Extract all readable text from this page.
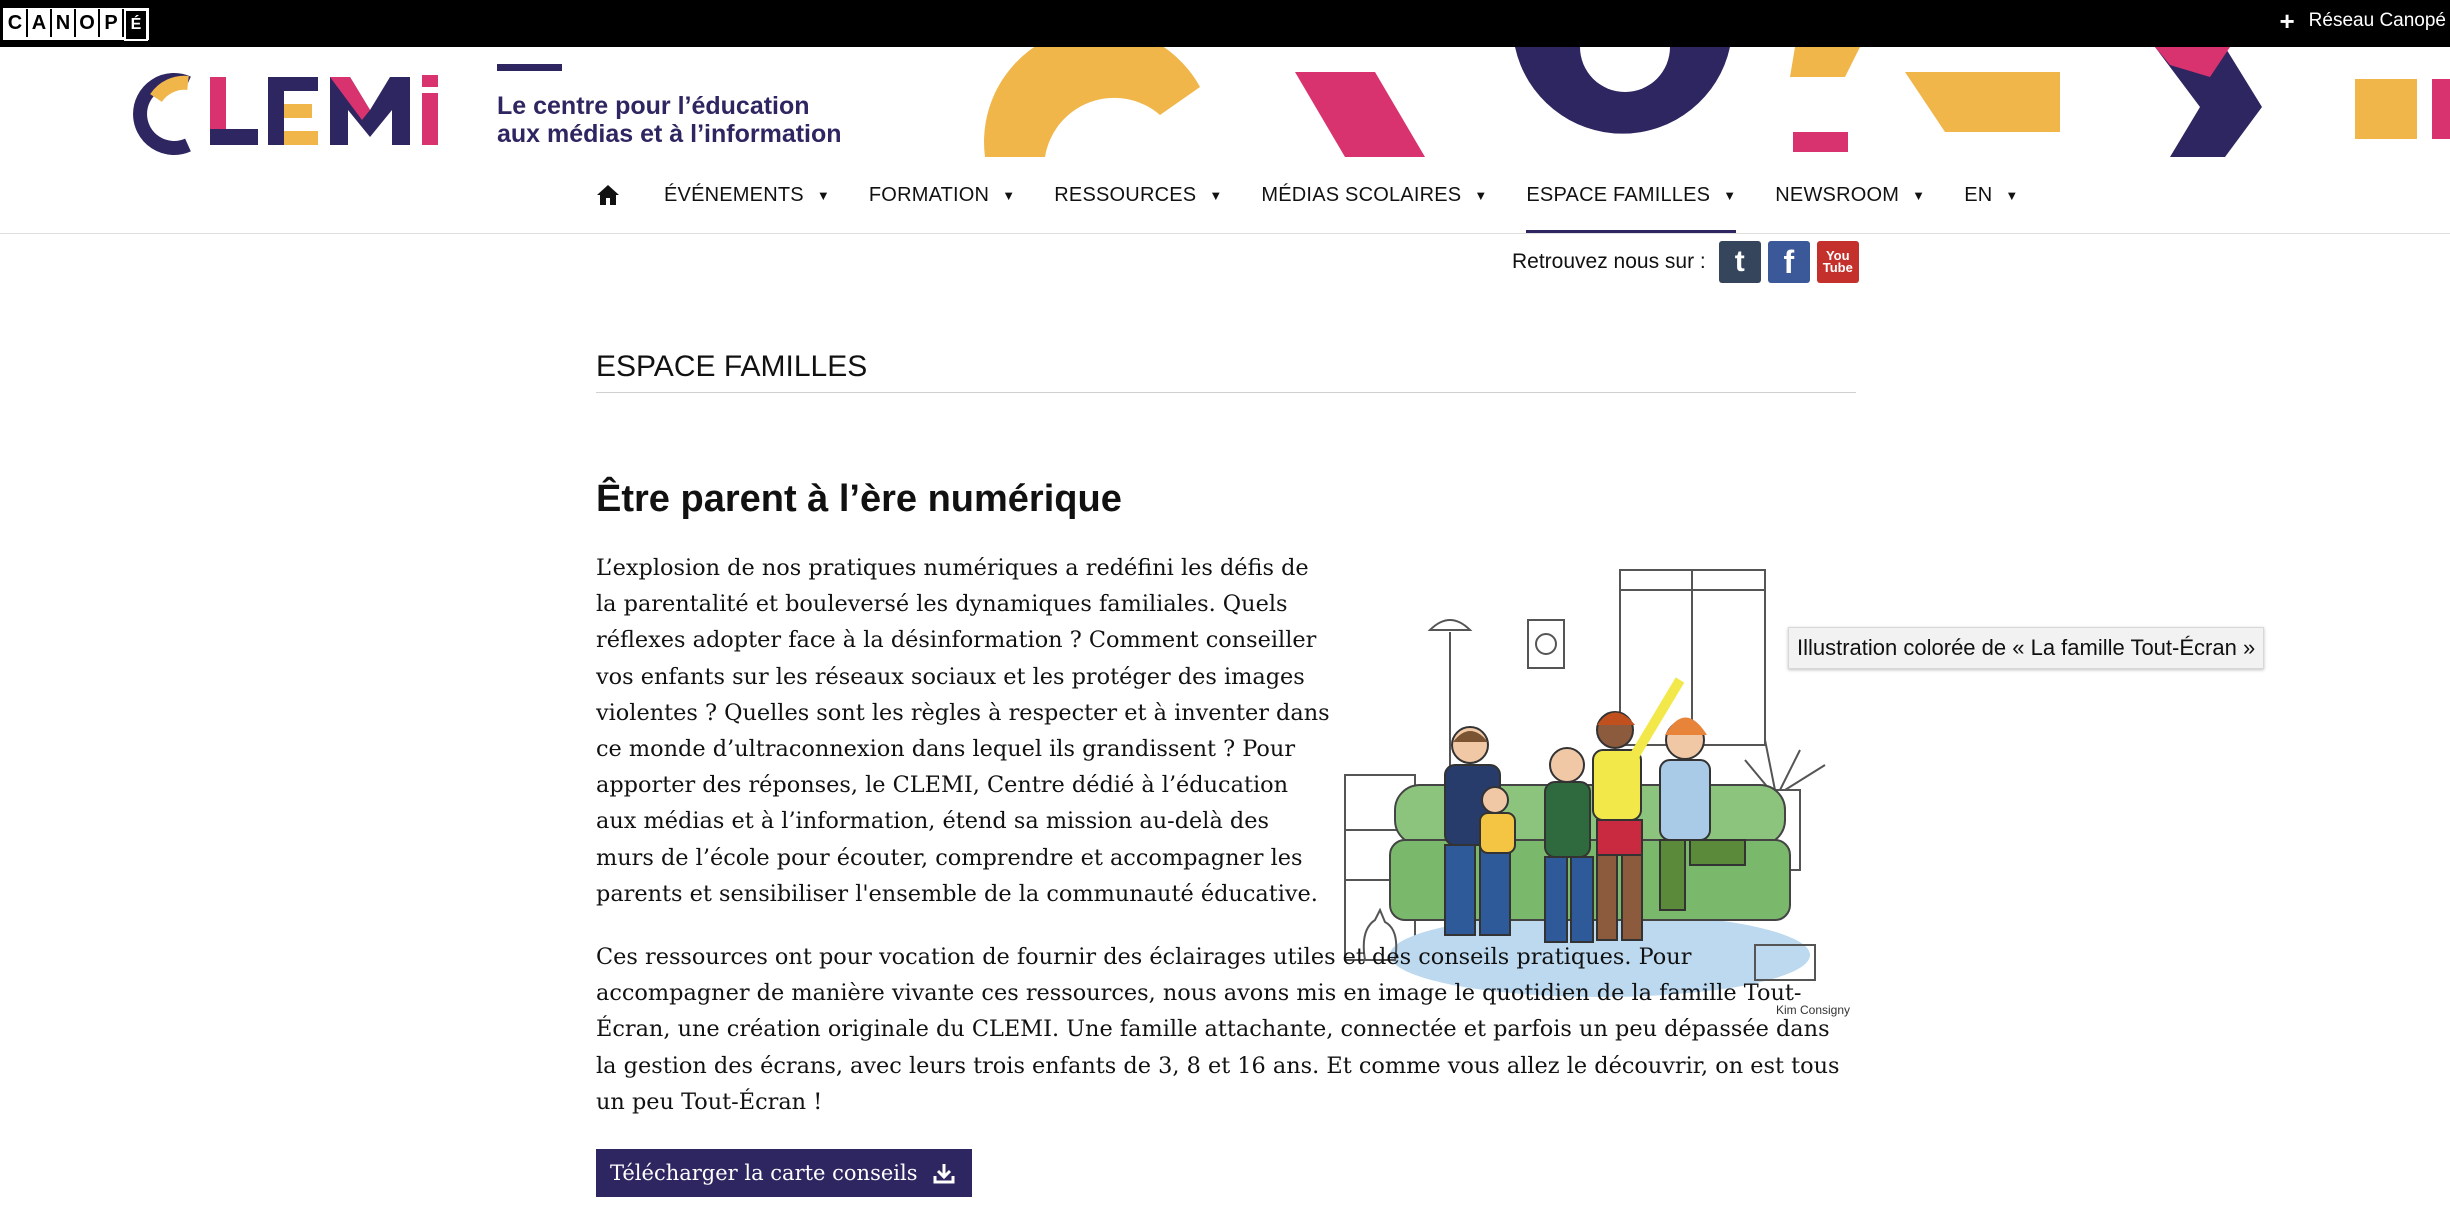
C A N O P É	+ Réseau Canopé
Le centre pour l’éducation
aux médias et à l’information
ÉVÉNEMENTS ▼ FORMATION ▼ RESSOURCES ▼ MÉDIAS SCOLAIRES ▼ ESPACE FAMILLES ▼ NEWSROOM ▼ EN ▼
Retrouvez nous sur : t f You
Tube
ESPACE FAMILLES
Être parent à l’ère numérique
L’explosion de nos pratiques numériques a redéfini les défis de la parentalité et bouleversé les dynamiques familiales. Quels réflexes adopter face à la désinformation ? Comment conseiller vos enfants sur les réseaux sociaux et les protéger des images violentes ? Quelles sont les règles à respecter et à inventer dans ce monde d’ultraconnexion dans lequel ils grandissent ? Pour apporter des réponses, le CLEMI, Centre dédié à l’éducation aux médias et à l’information, étend sa mission au-delà des murs de l’école pour écouter, comprendre et accompagner les parents et sensibiliser l'ensemble de la communauté éducative.
Kim Consigny
Illustration colorée de « La famille Tout-Écran »
Ces ressources ont pour vocation de fournir des éclairages utiles et des conseils pratiques. Pour accompagner de manière vivante ces ressources, nous avons mis en image le quotidien de la famille Tout-Écran, une création originale du CLEMI. Une famille attachante, connectée et parfois un peu dépassée dans la gestion des écrans, avec leurs trois enfants de 3, 8 et 16 ans. Et comme vous allez le découvrir, on est tous un peu Tout-Écran !
Télécharger la carte conseils
